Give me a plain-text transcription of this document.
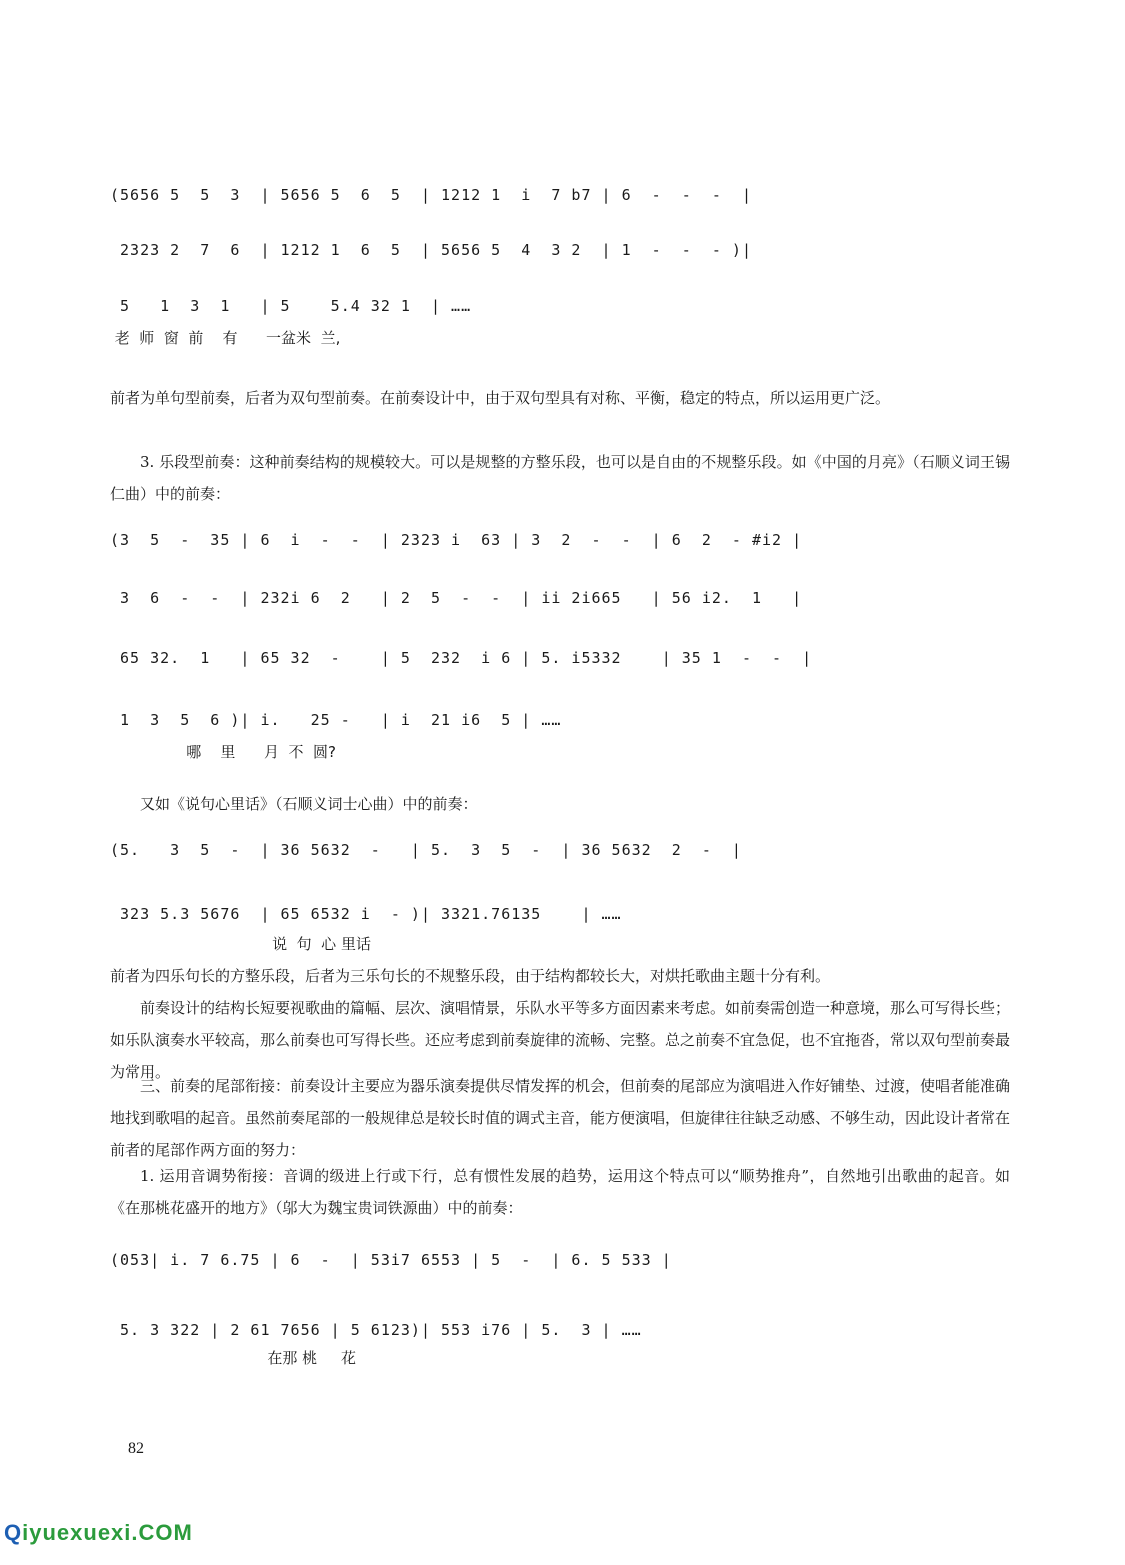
(5656 5  5  3  | 5656 5  6  5  | 1212 1  i  7 b7 | 6  -  -  -  |
2323 2  7  6  | 1212 1  6  5  | 5656 5  4  3 2  | 1  -  -  - )|
5   1  3  1   | 5    5.4 32 1  | ……
老  师  窗  前    有      一盆米  兰,

前者为单句型前奏，后者为双句型前奏。在前奏设计中，由于双句型具有对称、平衡，稳定的特点，所以运用更广泛。

3. 乐段型前奏：这种前奏结构的规模较大。可以是规整的方整乐段，也可以是自由的不规整乐段。如《中国的月亮》（石顺义词王锡仁曲）中的前奏：

(3  5  -  35 | 6  i  -  -  | 2323 i  63 | 3  2  -  -  | 6  2  - #i2 |
3  6  -  -  | 232i 6  2   | 2  5  -  -  | ii 2i665   | 56 i2.  1   |
65 32.  1   | 65 32  -    | 5  232  i 6 | 5. i5332    | 35 1  -  -  |
1  3  5  6 )| i.   25 -   | i  21 i6  5 | ……
哪    里      月  不  圆?

又如《说句心里话》（石顺义词士心曲）中的前奏：

(5.   3  5  -  | 36 5632  -   | 5.  3  5  -  | 36 5632  2  -  |
323 5.3 5676  | 65 6532 i  - )| 3321.76135    | ……
说  句  心 里话

前者为四乐句长的方整乐段，后者为三乐句长的不规整乐段，由于结构都较长大，对烘托歌曲主题十分有利。

前奏设计的结构长短要视歌曲的篇幅、层次、演唱情景，乐队水平等多方面因素来考虑。如前奏需创造一种意境，那么可写得长些；如乐队演奏水平较高，那么前奏也可写得长些。还应考虑到前奏旋律的流畅、完整。总之前奏不宜急促，也不宜拖沓，常以双句型前奏最为常用。

三、前奏的尾部衔接：前奏设计主要应为器乐演奏提供尽情发挥的机会，但前奏的尾部应为演唱进入作好铺垫、过渡，使唱者能准确地找到歌唱的起音。虽然前奏尾部的一般规律总是较长时值的调式主音，能方便演唱，但旋律往往缺乏动感、不够生动，因此设计者常在前者的尾部作两方面的努力：

1. 运用音调势衔接：音调的级进上行或下行，总有惯性发展的趋势，运用这个特点可以“顺势推舟”，自然地引出歌曲的起音。如《在那桃花盛开的地方》（邬大为魏宝贵词铁源曲）中的前奏：

(053| i. 7 6.75 | 6  -  | 53i7 6553 | 5  -  | 6. 5 533 |
5. 3 322 | 2 61 7656 | 5 6123)| 553 i76 | 5.  3 | ……
在那 桃     花
82
Qiyuexuexi.COM
